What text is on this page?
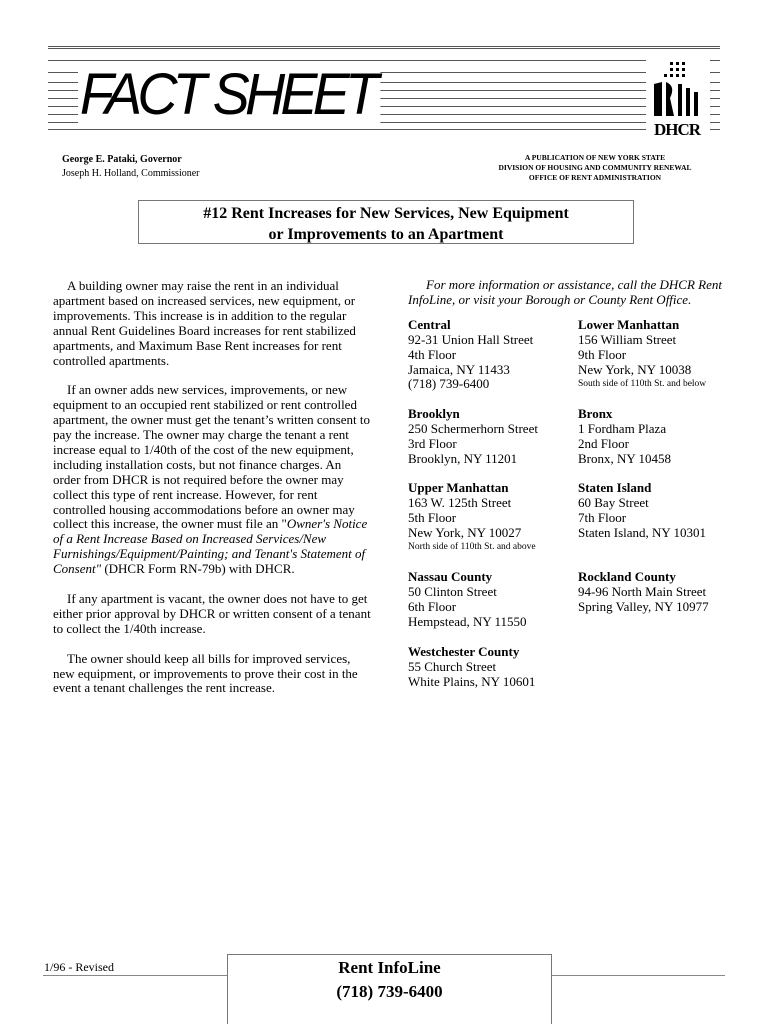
FACT SHEET
DHCR
George E. Pataki, Governor
Joseph H. Holland, Commissioner
A PUBLICATION OF NEW YORK STATE
DIVISION OF HOUSING AND COMMUNITY RENEWAL
OFFICE OF RENT ADMINISTRATION
#12 Rent Increases for New Services, New Equipment
or Improvements to an Apartment

A building owner may raise the rent in an individual apartment based on increased services, new equipment, or improvements. This increase is in addition to the regular annual Rent Guidelines Board increases for rent stabilized apartments, and Maximum Base Rent increases for rent controlled apartments.

If an owner adds new services, improvements, or new equipment to an occupied rent stabilized or rent controlled apartment, the owner must get the tenant’s written consent to pay the increase. The owner may charge the tenant a rent increase equal to 1/40th of the cost of the new equipment, including installation costs, but not finance charges. An order from DHCR is not required before the owner may collect this type of rent increase. However, for rent controlled housing accommodations before an owner may collect this increase, the owner must file an "Owner's Notice of a Rent Increase Based on Increased Services/New Furnishings/Equipment/Painting; and Tenant's Statement of Consent" (DHCR Form RN-79b) with DHCR.

If any apartment is vacant, the owner does not have to get either prior approval by DHCR or written consent of a tenant to collect the 1/40th increase.

The owner should keep all bills for improved services, new equipment, or improvements to prove their cost in the event a tenant challenges the rent increase.

For more information or assistance, call the DHCR Rent InfoLine, or visit your Borough or County Rent Office.

Central
92-31 Union Hall Street
4th Floor
Jamaica, NY 11433
(718) 739-6400
Lower Manhattan
156 William Street
9th Floor
New York, NY 10038
South side of 110th St. and below
Brooklyn
250 Schermerhorn Street
3rd Floor
Brooklyn, NY 11201
Bronx
1 Fordham Plaza
2nd Floor
Bronx, NY 10458
Upper Manhattan
163 W. 125th Street
5th Floor
New York, NY 10027
North side of 110th St. and above
Staten Island
60 Bay Street
7th Floor
Staten Island, NY 10301
Nassau County
50 Clinton Street
6th Floor
Hempstead, NY 11550
Rockland County
94-96 North Main Street
Spring Valley, NY 10977
Westchester County
55 Church Street
White Plains, NY 10601
1/96 - Revised	Rent InfoLine
(718) 739-6400
